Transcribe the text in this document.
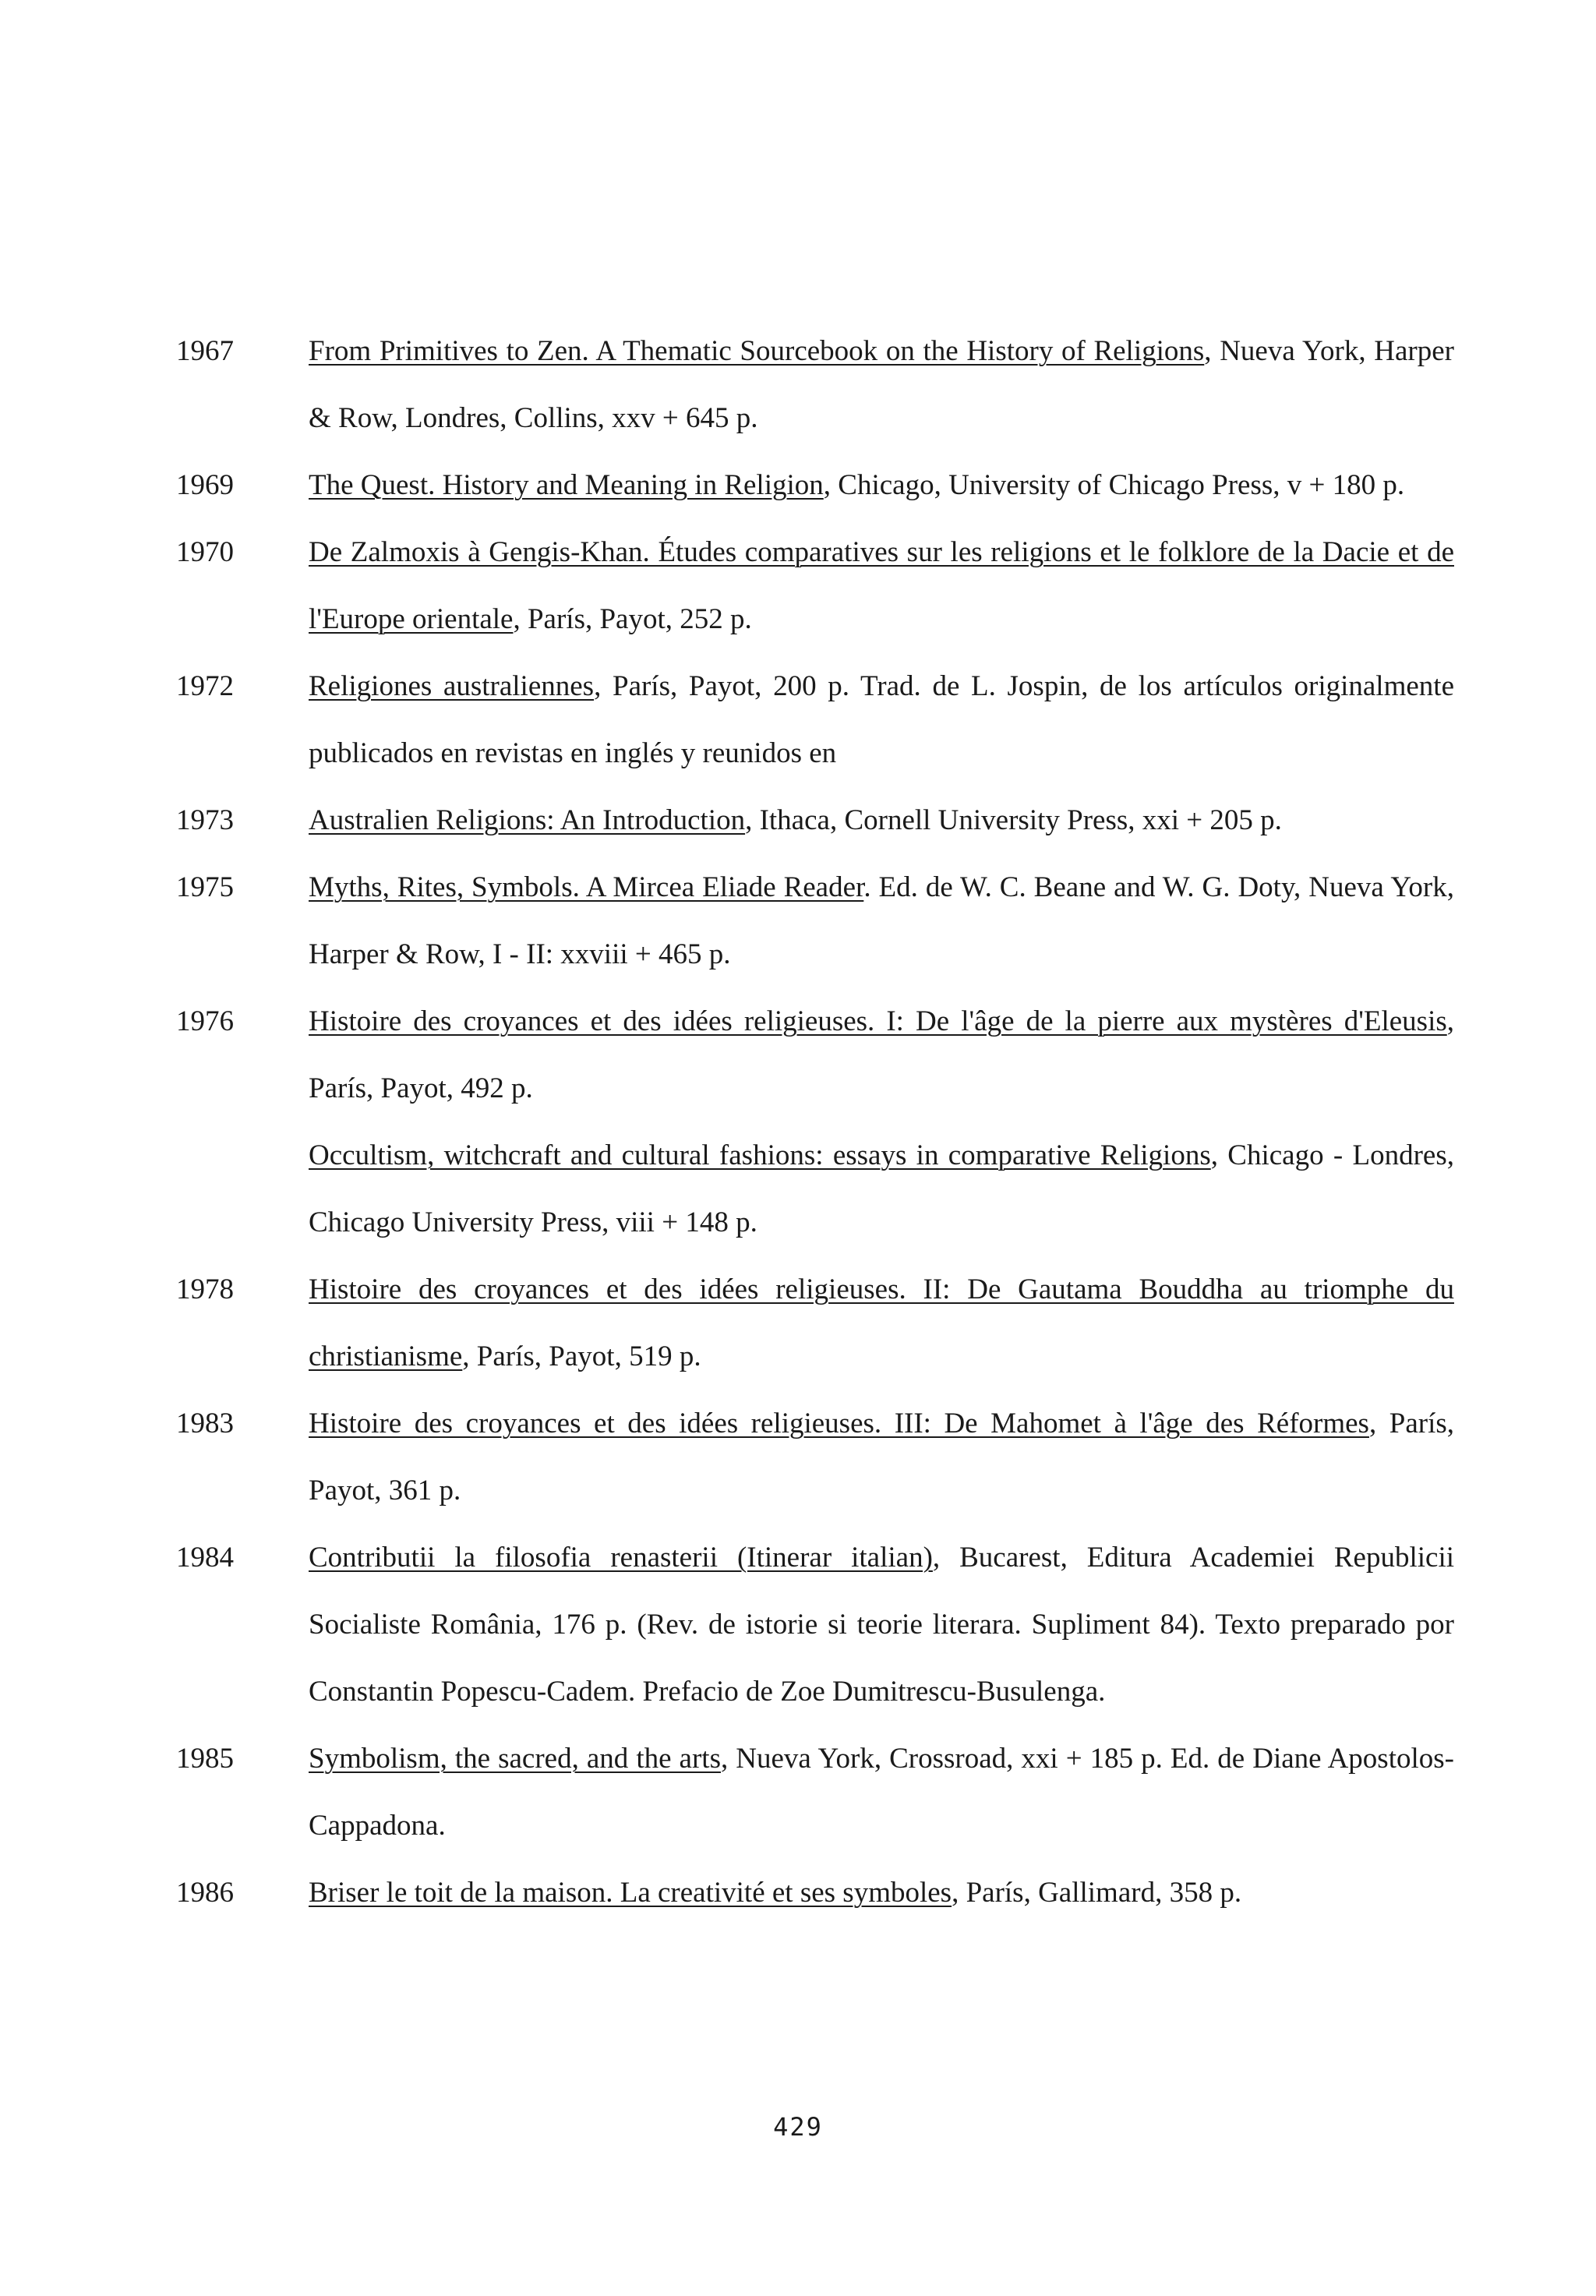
1967	From Primitives to Zen. A Thematic Sourcebook on the History of Religions, Nueva York, Harper & Row, Londres, Collins, xxv + 645 p.
1969	The Quest. History and Meaning in Religion, Chicago, University of Chicago Press, v + 180 p.
1970	De Zalmoxis à Gengis-Khan. Études comparatives sur les religions et le folklore de la Dacie et de l'Europe orientale, París, Payot, 252 p.
1972	Religiones australiennes, París, Payot, 200 p. Trad. de L. Jospin, de los artículos originalmente publicados en revistas en inglés y reunidos en
1973	Australien Religions: An Introduction, Ithaca, Cornell University Press, xxi + 205 p.
1975	Myths, Rites, Symbols. A Mircea Eliade Reader. Ed. de W. C. Beane and W. G. Doty, Nueva York, Harper & Row, I - II: xxviii + 465 p.
1976	Histoire des croyances et des idées religieuses. I: De l'âge de la pierre aux mystères d'Eleusis, París, Payot, 492 p.
Occultism, witchcraft and cultural fashions: essays in comparative Religions, Chicago - Londres, Chicago University Press, viii + 148 p.
1978	Histoire des croyances et des idées religieuses. II: De Gautama Bouddha au triomphe du christianisme, París, Payot, 519 p.
1983	Histoire des croyances et des idées religieuses. III: De Mahomet à l'âge des Réformes, París, Payot, 361 p.
1984	Contributii la filosofia renasterii (Itinerar italian), Bucarest, Editura Academiei Republicii Socialiste România, 176 p. (Rev. de istorie si teorie literara. Supliment 84). Texto preparado por Constantin Popescu-Cadem. Prefacio de Zoe Dumitrescu-Busulenga.
1985	Symbolism, the sacred, and the arts, Nueva York, Crossroad, xxi + 185 p. Ed. de Diane Apostolos-Cappadona.
1986	Briser le toit de la maison. La creativité et ses symboles, París, Gallimard, 358 p.
429
